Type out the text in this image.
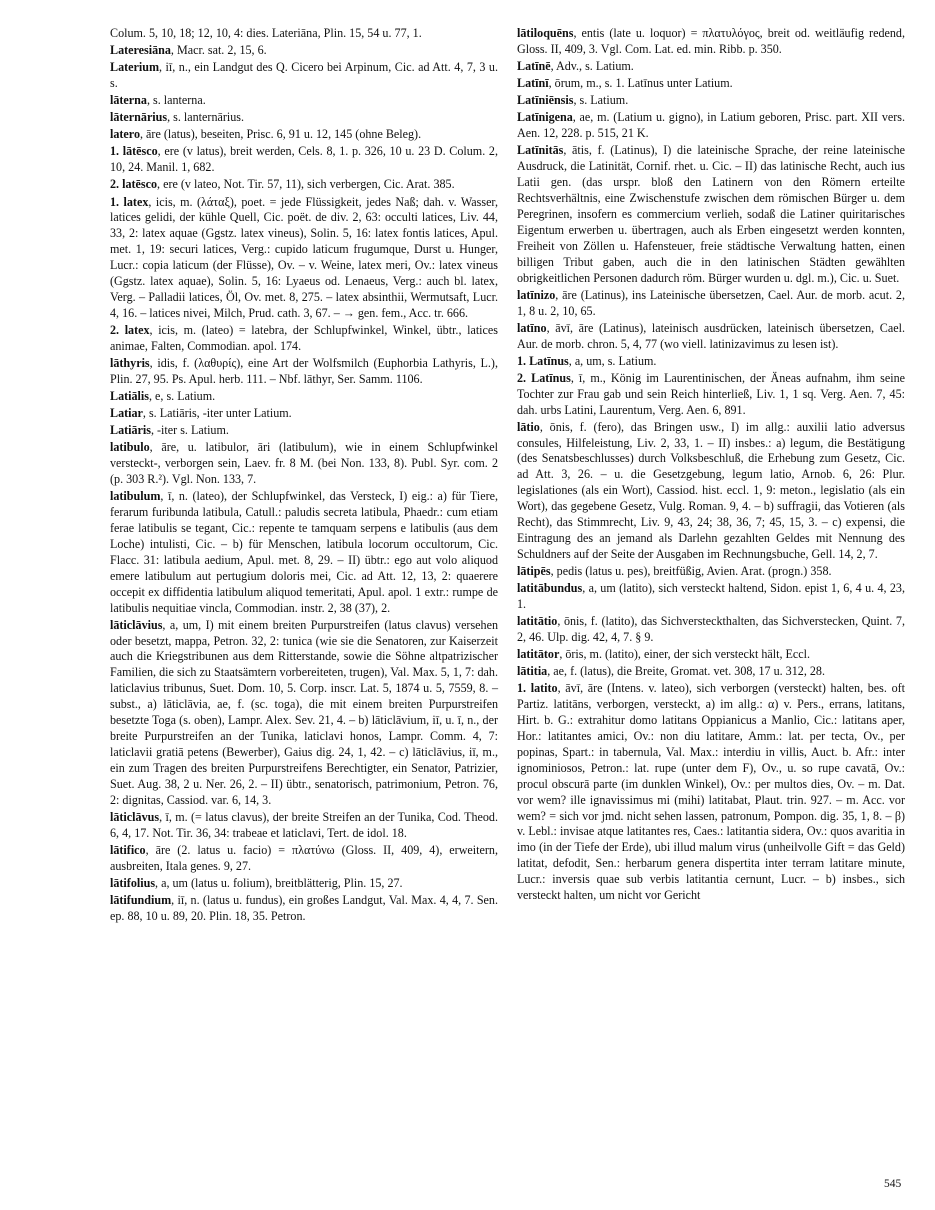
Colum. 5, 10, 18; 12, 10, 4: dies. Lateriāna, Plin. 15, 54 u. 77, 1.

Lateresiāna, Macr. sat. 2, 15, 6.

Laterium, iī, n., ein Landgut des Q. Cicero bei Arpinum, Cic. ad Att. 4, 7, 3 u. s.

lāterna, s. lanterna.

lāternārius, s. lanternārius.

latero, āre (latus), beseiten, Prisc. 6, 91 u. 12, 145 (ohne Beleg).

1. lātēsco, ere (v latus), breit werden, Cels. 8, 1. p. 326, 10 u. 23 D. Colum. 2, 10, 24. Manil. 1, 682.

2. latēsco, ere (v lateo, Not. Tir. 57, 11), sich verbergen, Cic. Arat. 385.

1. latex, icis, m. (λάταξ), poet. = jede Flüssigkeit, jedes Naß; dah. v. Wasser, latices gelidi, der kühle Quell, Cic. poët. de div. 2, 63: occulti latices, Liv. 44, 33, 2: latex aquae (Ggstz. latex vineus), Solin. 5, 16: latex fontis latices, Apul. met. 1, 19: securi latices, Verg.: cupido laticum frugumque, Durst u. Hunger, Lucr.: copia laticum (der Flüsse), Ov. – v. Weine, latex meri, Ov.: latex vineus (Ggstz. latex aquae), Solin. 5, 16: Lyaeus od. Lenaeus, Verg.: auch bl. latex, Verg. – Palladii latices, Öl, Ov. met. 8, 275. – latex absinthii, Wermutsaft, Lucr. 4, 16. – latices nivei, Milch, Prud. cath. 3, 67. – → gen. fem., Acc. tr. 666.

2. latex, icis, m. (lateo) = latebra, der Schlupfwinkel, Winkel, übtr., latices animae, Falten, Commodian. apol. 174.

lāthyris, idis, f. (λαθυρίς), eine Art der Wolfsmilch (Euphorbia Lathyris, L.), Plin. 27, 95. Ps. Apul. herb. 111. – Nbf. lāthyr, Ser. Samm. 1106.

Latiālis, e, s. Latium.

Latiar, s. Latiāris, -iter unter Latium.

Latiāris, -iter s. Latium.

latibulo, āre, u. latibulor, āri (latibulum), wie in einem Schlupfwinkel versteckt-, verborgen sein, Laev. fr. 8 M. (bei Non. 133, 8). Publ. Syr. com. 2 (p. 303 R.²). Vgl. Non. 133, 7.

latibulum, ī, n. (lateo), der Schlupfwinkel, das Versteck, I) eig.: a) für Tiere, ferarum furibunda latibula, Catull.: paludis secreta latibula, Phaedr.: cum etiam ferae latibulis se tegant, Cic.: repente te tamquam serpens e latibulis (aus dem Loche) intulisti, Cic. – b) für Menschen, latibula locorum occultorum, Cic. Flacc. 31: latibula aedium, Apul. met. 8, 29. – II) übtr.: ego aut volo aliquod emere latibulum aut pertugium doloris mei, Cic. ad Att. 12, 13, 2: quaerere occepit ex diffidentia latibulum aliquod temeritati, Apul. apol. 1 extr.: rumpe de latibulis nequitiae vincla, Commodian. instr. 2, 38 (37), 2.

lāticlāvius, a, um, I) mit einem breiten Purpurstreifen (latus clavus) versehen oder besetzt, mappa, Petron. 32, 2: tunica (wie sie die Senatoren, zur Kaiserzeit auch die Kriegstribunen aus dem Ritterstande, sowie die Söhne altpatrizischer Familien, die sich zu Staatsämtern vorbereiteten, trugen), Val. Max. 5, 1, 7: dah. laticlavius tribunus, Suet. Dom. 10, 5. Corp. inscr. Lat. 5, 1874 u. 5, 7559, 8. – subst., a) lāticlāvia, ae, f. (sc. toga), die mit einem breiten Purpurstreifen besetzte Toga (s. oben), Lampr. Alex. Sev. 21, 4. – b) lāticlāvium, iī, u. ī, n., der breite Purpurstreifen an der Tunika, laticlavi honos, Lampr. Comm. 4, 7: laticlavii gratiā petens (Bewerber), Gaius dig. 24, 1, 42. – c) lāticlāvius, iī, m., ein zum Tragen des breiten Purpurstreifens Berechtigter, ein Senator, Patrizier, Suet. Aug. 38, 2 u. Ner. 26, 2. – II) übtr., senatorisch, patrimonium, Petron. 76, 2: dignitas, Cassiod. var. 6, 14, 3.

lāticlāvus, ī, m. (= latus clavus), der breite Streifen an der Tunika, Cod. Theod. 6, 4, 17. Not. Tir. 36, 34: trabeae et laticlavi, Tert. de idol. 18.

lātifico, āre (2. latus u. facio) = πλατύνω (Gloss. II, 409, 4), erweitern, ausbreiten, Itala genes. 9, 27.

lātifolius, a, um (latus u. folium), breitblätterig, Plin. 15, 27.

lātifundium, iī, n. (latus u. fundus), ein großes Landgut, Val. Max. 4, 4, 7. Sen. ep. 88, 10 u. 89, 20. Plin. 18, 35. Petron.

lātiloquēns, entis (late u. loquor) = πλατυλόγος, breit od. weitläufig redend, Gloss. II, 409, 3. Vgl. Com. Lat. ed. min. Ribb. p. 350.

Latīnē, Adv., s. Latium.

Latīnī, ōrum, m., s. 1. Latīnus unter Latium.

Latīniēnsis, s. Latium.

Latīnigena, ae, m. (Latium u. gigno), in Latium geboren, Prisc. part. XII vers. Aen. 12, 228. p. 515, 21 K.

Latīnitās, ātis, f. (Latinus), I) die lateinische Sprache, der reine lateinische Ausdruck, die Latinität, Cornif. rhet. u. Cic. – II) das latinische Recht, auch ius Latii gen. (das urspr. bloß den Latinern von den Römern erteilte Rechtsverhältnis, eine Zwischenstufe zwischen dem römischen Bürger u. dem Peregrinen, insofern es commercium verlieh, sodaß die Latiner quiritarisches Eigentum erwerben u. übertragen, auch als Erben eingesetzt werden konnten, Freiheit von Zöllen u. Hafensteuer, freie städtische Verwaltung hatten, einen billigen Tribut gaben, auch die in den latinischen Städten gewählten obrigkeitlichen Personen dadurch röm. Bürger wurden u. dgl. m.), Cic. u. Suet.

latīnizo, āre (Latinus), ins Lateinische übersetzen, Cael. Aur. de morb. acut. 2, 1, 8 u. 2, 10, 65.

latīno, āvī, āre (Latinus), lateinisch ausdrücken, lateinisch übersetzen, Cael. Aur. de morb. chron. 5, 4, 77 (wo viell. latinizavimus zu lesen ist).

1. Latīnus, a, um, s. Latium.

2. Latīnus, ī, m., König im Laurentinischen, der Äneas aufnahm, ihm seine Tochter zur Frau gab und sein Reich hinterließ, Liv. 1, 1 sq. Verg. Aen. 7, 45: dah. urbs Latini, Laurentum, Verg. Aen. 6, 891.

lātio, ōnis, f. (fero), das Bringen usw., I) im allg.: auxilii latio adversus consules, Hilfeleistung, Liv. 2, 33, 1. – II) insbes.: a) legum, die Bestätigung (des Senatsbeschlusses) durch Volksbeschluß, die Erhebung zum Gesetz, Cic. ad Att. 3, 26. – u. die Gesetzgebung, legum latio, Arnob. 6, 26: Plur. legislationes (als ein Wort), Cassiod. hist. eccl. 1, 9: meton., legislatio (als ein Wort), das gegebene Gesetz, Vulg. Roman. 9, 4. – b) suffragii, das Votieren (als Recht), das Stimmrecht, Liv. 9, 43, 24; 38, 36, 7; 45, 15, 3. – c) expensi, die Eintragung des an jemand als Darlehn gezahlten Geldes mit Nennung des Schuldners auf der Seite der Ausgaben im Rechnungsbuche, Gell. 14, 2, 7.

lātipēs, pedis (latus u. pes), breitfüßig, Avien. Arat. (progn.) 358.

latitābundus, a, um (latito), sich versteckt haltend, Sidon. epist 1, 6, 4 u. 4, 23, 1.

latitātio, ōnis, f. (latito), das Sichversteckthalten, das Sichverstecken, Quint. 7, 2, 46. Ulp. dig. 42, 4, 7. § 9.

latitātor, ōris, m. (latito), einer, der sich versteckt hält, Eccl.

lātitia, ae, f. (latus), die Breite, Gromat. vet. 308, 17 u. 312, 28.

1. latito, āvī, āre (Intens. v. lateo), sich verborgen (versteckt) halten, bes. oft Partiz. latitāns, verborgen, versteckt, a) im allg.: α) v. Pers., errans, latitans, Hirt. b. G.: extrahitur domo latitans Oppianicus a Manlio, Cic.: latitans aper, Hor.: latitantes amici, Ov.: non diu latitare, Amm.: lat. per tecta, Ov., per popinas, Spart.: in tabernula, Val. Max.: interdiu in villis, Auct. b. Afr.: inter ignominiosos, Petron.: lat. rupe (unter dem F), Ov., u. so rupe cavatā, Ov.: procul obscurā parte (im dunklen Winkel), Ov.: per multos dies, Ov. – m. Dat. vor wem? ille ignavissimus mi (mihi) latitabat, Plaut. trin. 927. – m. Acc. vor wem? = sich vor jmd. nicht sehen lassen, patronum, Pompon. dig. 35, 1, 8. – β) v. Lebl.: invisae atque latitantes res, Caes.: latitantia sidera, Ov.: quos avaritia in imo (in der Tiefe der Erde), ubi illud malum virus (unheilvolle Gift = das Geld) latitat, defodit, Sen.: herbarum genera dispertita inter terram latitare minute, Lucr.: inversis quae sub verbis latitantia cernunt, Lucr. – b) insbes., sich versteckt halten, um nicht vor Gericht

545
